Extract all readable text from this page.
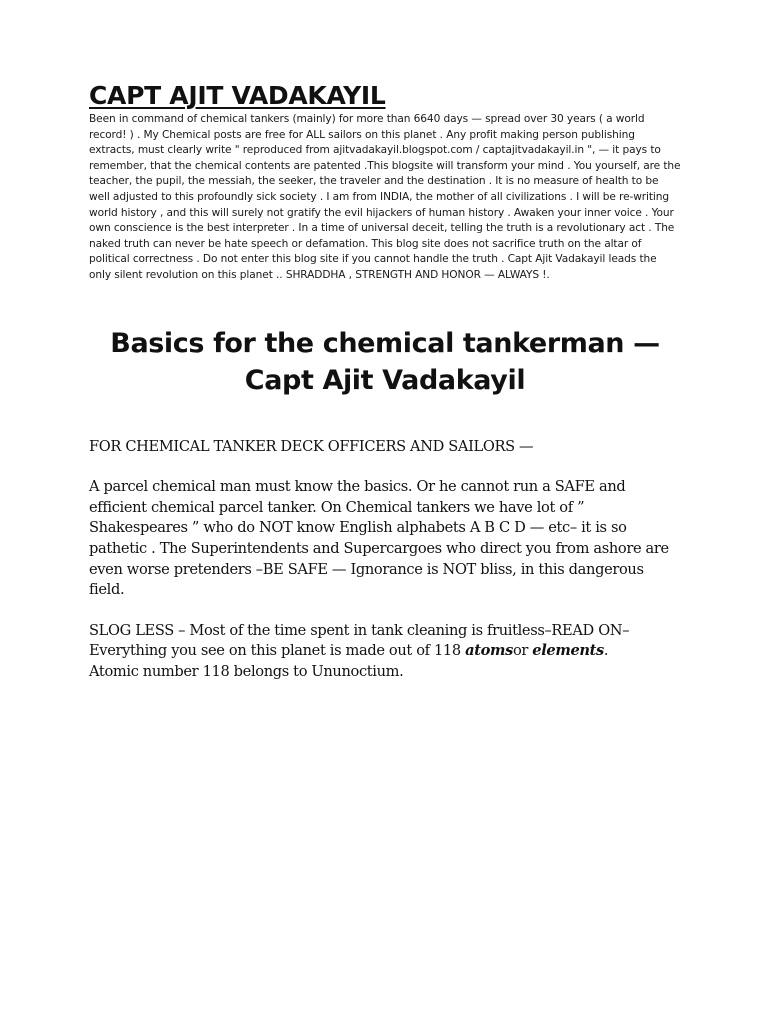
CAPT AJIT VADAKAYIL

Been in command of chemical tankers (mainly) for more than 6640 days — spread over 30 years ( a world record! ) . My Chemical posts are free for ALL sailors on this planet . Any profit making person publishing extracts, must clearly write " reproduced from ajitvadakayil.blogspot.com / captajitvadakayil.in ", — it pays to remember, that the chemical contents are patented .This blogsite will transform your mind . You yourself, are the teacher, the pupil, the messiah, the seeker, the traveler and the destination . It is no measure of health to be well adjusted to this profoundly sick society . I am from INDIA, the mother of all civilizations . I will be re-writing world history , and this will surely not gratify the evil hijackers of human history . Awaken your inner voice . Your own conscience is the best interpreter . In a time of universal deceit, telling the truth is a revolutionary act . The naked truth can never be hate speech or defamation. This blog site does not sacrifice truth on the altar of political correctness . Do not enter this blog site if you cannot handle the truth . Capt Ajit Vadakayil leads the only silent revolution on this planet .. SHRADDHA , STRENGTH AND HONOR — ALWAYS !.

Basics for the chemical tankerman — Capt Ajit Vadakayil

FOR CHEMICAL TANKER DECK OFFICERS AND SAILORS —

A parcel chemical man must know the basics. Or he cannot run a SAFE and efficient chemical parcel tanker. On Chemical tankers we have lot of ” Shakespeares ” who do NOT know English alphabets A B C D — etc– it is so pathetic . The Superintendents and Supercargoes who direct you from ashore are even worse pretenders –BE SAFE — Ignorance is NOT bliss, in this dangerous field.

SLOG LESS – Most of the time spent in tank cleaning is fruitless–READ ON– Everything you see on this planet is made out of 118 atomsor elements.
Atomic number 118 belongs to Ununoctium.
